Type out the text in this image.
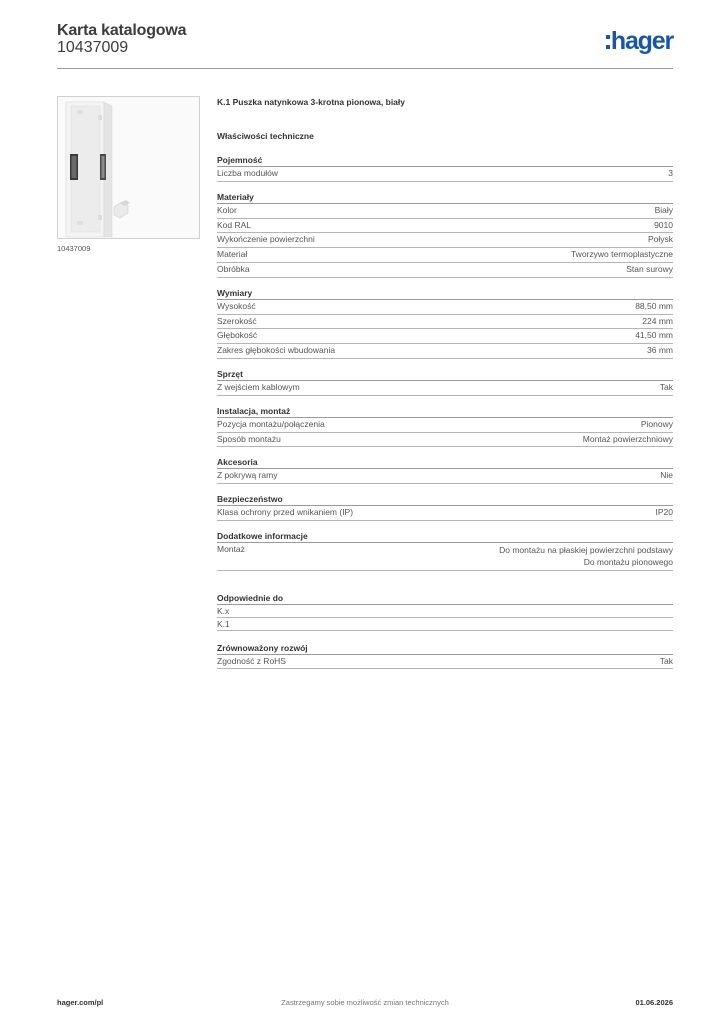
Karta katalogowa
10437009	hager
10437009
K.1 Puszka natynkowa 3-krotna pionowa, biały
Właściwości techniczne
Pojemność
Liczba modułów	3
Materiały
Kolor	Biały
Kod RAL	9010
Wykończenie powierzchni	Połysk
Materiał	Tworzywo termoplastyczne
Obróbka	Stan surowy
Wymiary
Wysokość	88,50 mm
Szerokość	224 mm
Głębokość	41,50 mm
Zakres głębokości wbudowania	36 mm
Sprzęt
Z wejściem kablowym	Tak
Instalacja, montaż
Pozycja montażu/połączenia	Pionowy
Sposób montażu	Montaż powierzchniowy
Akcesoria
Z pokrywą ramy	Nie
Bezpieczeństwo
Klasa ochrony przed wnikaniem (IP)	IP20
Dodatkowe informacje
Montaż	Do montażu na płaskiej powierzchni podstawy
Do montażu pionowego
Odpowiednie do
K.x
K.1
Zrównoważony rozwój
Zgodność z RoHS	Tak
hager.com/pl	Zastrzegamy sobie możliwość zmian technicznych	01.06.2026
